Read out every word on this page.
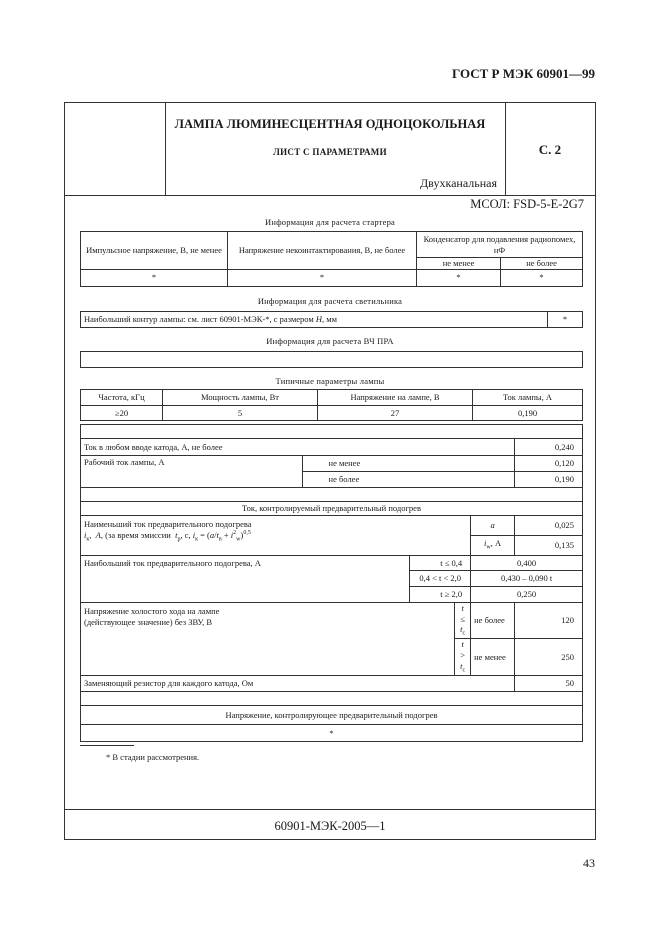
ГОСТ Р МЭК 60901—99
ЛАМПА ЛЮМИНЕСЦЕНТНАЯ ОДНОЦОКОЛЬНАЯ
ЛИСТ С ПАРАМЕТРАМИ	С. 2
Двухканальная
МСОЛ: FSD-5-E-2G7
Информация для расчета стартера
Импульсное напряжение, В, не менее	Напряжение некоинтактирования, В, не более	Конденсатор для подавления радиопомех, нФ	
		не менее	не более
*	*	*	*
Информация для расчета светильника
Наибольший контур лампы: см. лист 60901-МЭК-*, с размером Н, мм	*
Информация для расчета ВЧ ПРА
Типичные параметры лампы
Частота, кГц	Мощность лампы, Вт	Напряжение на лампе, В	Ток лампы, А
≥20	5	27	0,190

Ток в любом вводе катода, А, не более					0,240
Рабочий ток лампы, А	не менее				0,120
	не более				0,190

Ток, контролируемый предварительный подогрев					

Наименьший ток предварительного подогрева
$i_к$,  А, (за время эмиссии  $t_р$, с, $i_к = (a/t_в + i^2_w)^{0,5}$				a	0,025
				$i_w$, А	0,135
Наибольший ток предварительного подогрева, А		t ≤ 0,4		0,400	
		0,4 < t < 2,0		0,430 – 0,090 t	
		t ≥ 2,0		0,250	

Напряжение холостого хода на лампе
(действующее значение) без ЗВУ, В			$t \le t_c$	не более	120
			$t > t_c$	не менее	250
Заменяющий резистор для каждого катода, Ом					50

Напряжение, контролирующее предварительный подогрев					
*					
* В стадии рассмотрения.
60901-МЭК-2005—1
43
